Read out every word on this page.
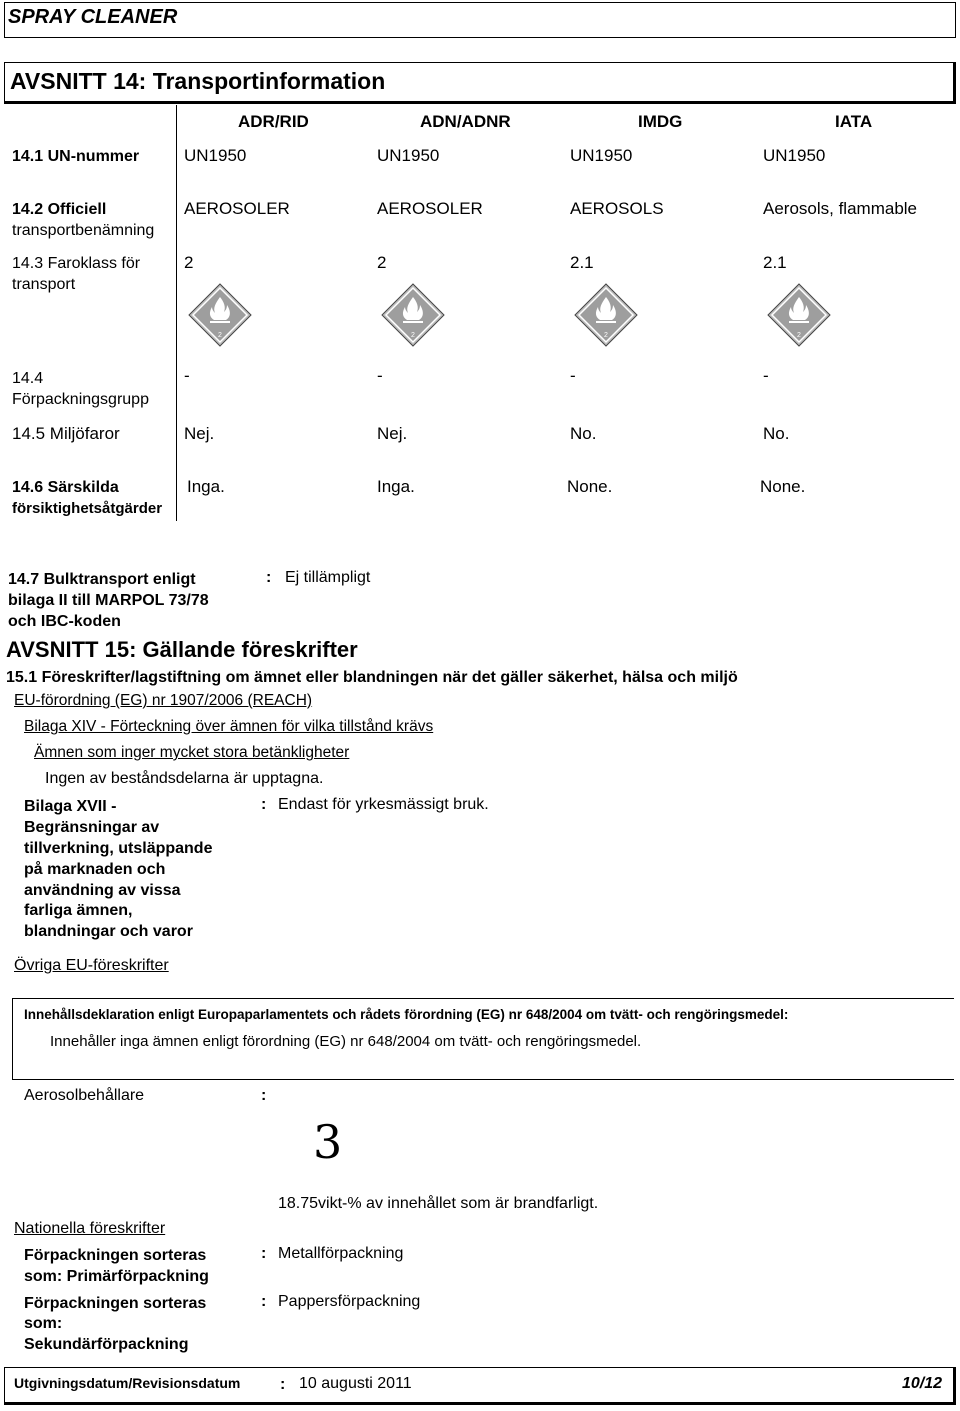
SPRAY CLEANER
AVSNITT 14: Transportinformation
ADR/RID	ADN/ADNR	IMDG	IATA
14.1 UN-nummer	UN1950	UN1950	UN1950	UN1950
14.2 Officiell
transportbenämning
AEROSOLER	AEROSOLER	AEROSOLS	Aerosols, flammable
14.3 Faroklass för
transport
2	2	2.1	2.1
2	2	2	2
14.4
Förpackningsgrupp
-	-	-	-
14.5 Miljöfaror	Nej.	Nej.	No.	No.
14.6 Särskilda
försiktighetsåtgärder
Inga.	Inga.	None.	None.
14.7 Bulktransport enligt
bilaga II till MARPOL 73/78
och IBC-koden
: Ej tillämpligt
AVSNITT 15: Gällande föreskrifter
15.1 Föreskrifter/lagstiftning om ämnet eller blandningen när det gäller säkerhet, hälsa och miljö
EU-förordning (EG) nr 1907/2006 (REACH)
Bilaga XIV - Förteckning över ämnen för vilka tillstånd krävs
Ämnen som inger mycket stora betänkligheter
Ingen av beståndsdelarna är upptagna.
Bilaga XVII -
Begränsningar av
tillverkning, utsläppande
på marknaden och
användning av vissa
farliga ämnen,
blandningar och varor
: Endast för yrkesmässigt bruk.
Övriga EU-föreskrifter
Innehållsdeklaration enligt Europaparlamentets och rådets förordning (EG) nr 648/2004 om tvätt- och rengöringsmedel:
Innehåller inga ämnen enligt förordning (EG) nr 648/2004 om tvätt- och rengöringsmedel.
Aerosolbehållare	:
3
18.75vikt-% av innehållet som är brandfarligt.
Nationella föreskrifter
Förpackningen sorteras
som: Primärförpackning
: Metallförpackning
Förpackningen sorteras
som:
Sekundärförpackning
: Pappersförpackning
Utgivningsdatum/Revisionsdatum : 10 augusti 2011	10/12
